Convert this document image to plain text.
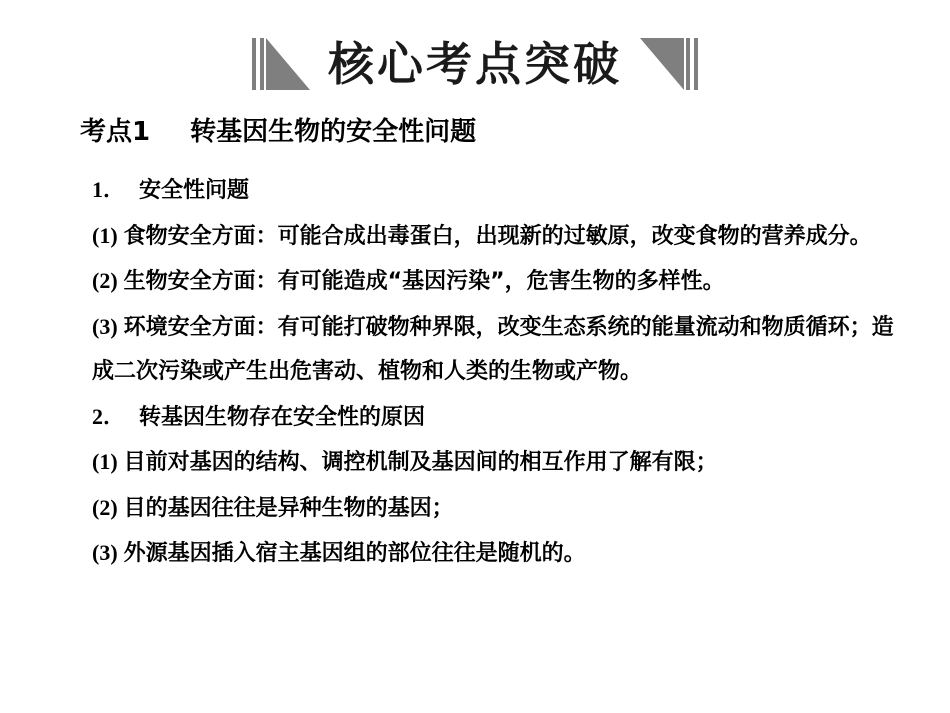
核心考点突破
考点1 转基因生物的安全性问题

1． 安全性问题

(1) 食物安全方面：可能合成出毒蛋白，出现新的过敏原，改变食物的营养成分。

(2) 生物安全方面：有可能造成“基因污染”，危害生物的多样性。

(3) 环境安全方面：有可能打破物种界限，改变生态系统的能量流动和物质循环；造成二次污染或产生出危害动、植物和人类的生物或产物。

2． 转基因生物存在安全性的原因

(1) 目前对基因的结构、调控机制及基因间的相互作用了解有限；

(2) 目的基因往往是异种生物的基因；

(3) 外源基因插入宿主基因组的部位往往是随机的。
